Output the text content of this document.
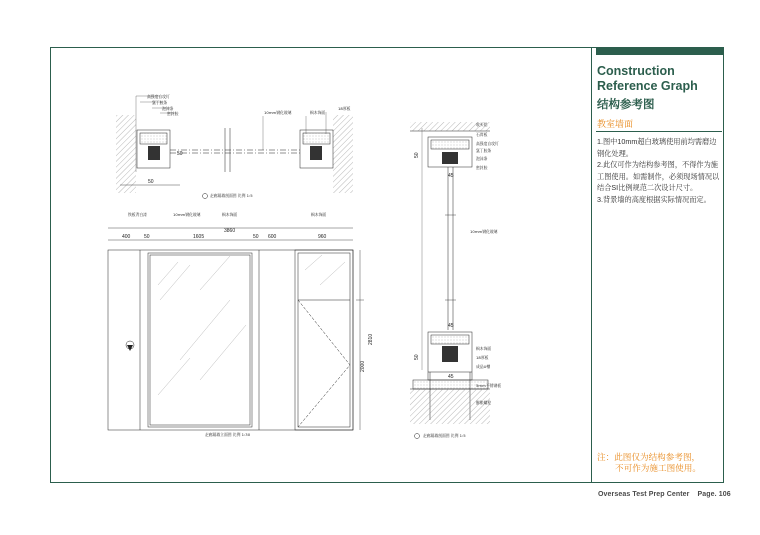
Construction Reference Graph
结构参考图
教室墙面

1.图中10mm超白玻璃使用前均需磨边钢化处理。

2.此仅可作为结构参考图，不得作为施工图使用。如需制作，必须现场情况以结合SI比例规范二次设计尺寸。

3.背景墙的高度根据实际情况而定。

注：此图仅为结构参考图，
不可作为施工图使用。
Overseas Test Prep Center Page. 106
高强度自攻钉
氯丁胶条
泡沫条
密封胶	10mm钢化玻璃	枫木饰面
18厚板
50
50
走廊隔墙剖面图 比例 1:5
铁板背白漆	10mm钢化玻璃	枫木饰面	枫木饰面
3860
400	50	1605	50 600	960
2810
2000
走廊隔墙立面图 比例 1:30
收头铝
石膏板
高强度自攻钉
氯丁胶条
泡沫条
密封胶
10mm钢化玻璃
枫木饰面
18厚板
成品U槽
5mm不锈钢板
膨胀螺栓
50
45
45
50
45
走廊隔墙剖面图 比例 1:5
